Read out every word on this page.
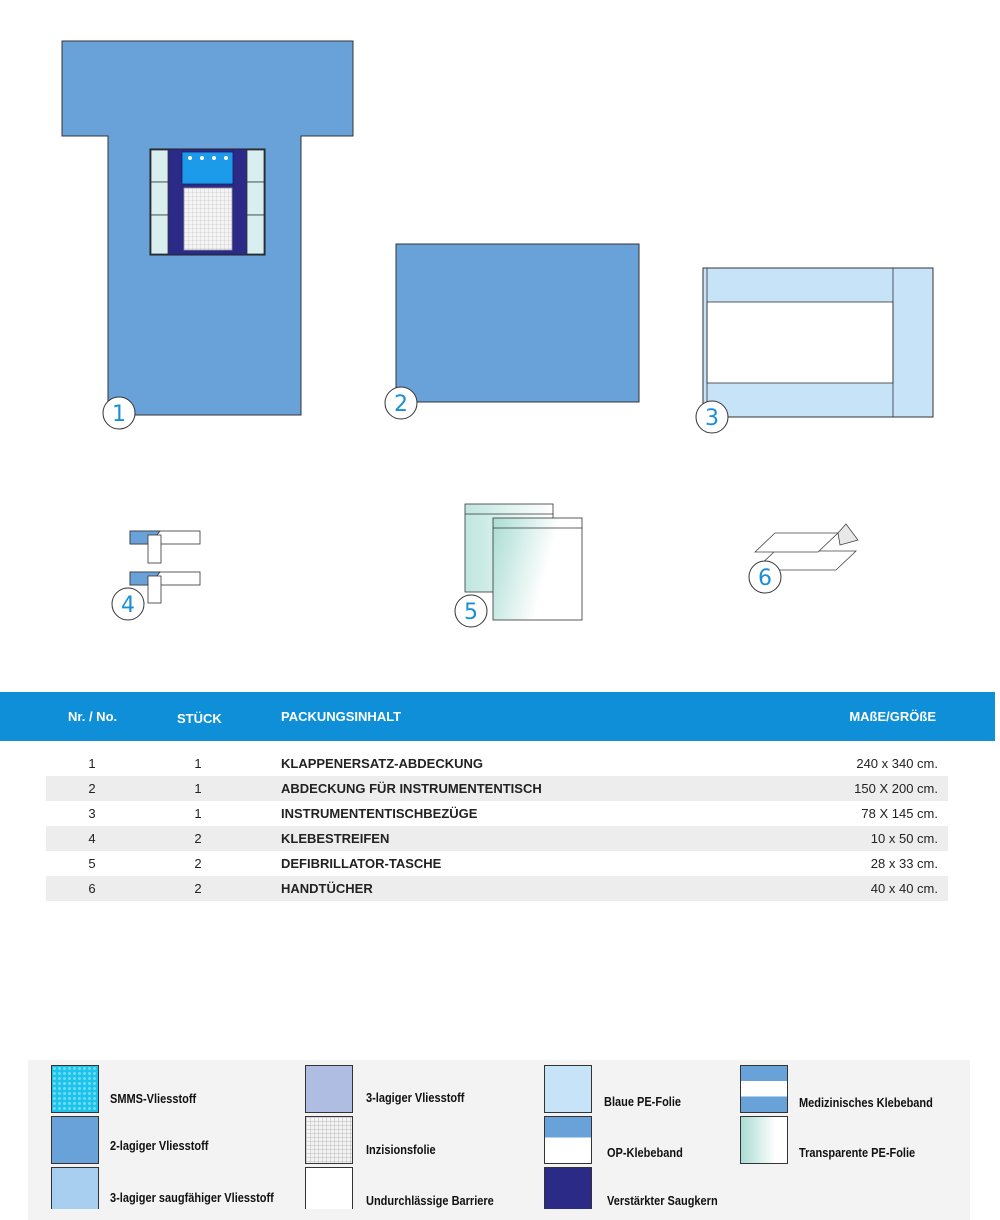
1	2
3
4	5
6
Nr. / No.	STÜCK	PACKUNGSINHALT	MAßE/GRÖßE
1	1	KLAPPENERSATZ-ABDECKUNG	240 x 340 cm.
2	1	ABDECKUNG FÜR INSTRUMENTENTISCH	150 X 200 cm.
3	1	INSTRUMENTENTISCHBEZÜGE	78 X 145 cm.
4	2	KLEBESTREIFEN	10 x 50 cm.
5	2	DEFIBRILLATOR-TASCHE	28 x 33 cm.
6	2	HANDTÜCHER	40 x 40 cm.
SMMS-Vliesstoff
2-lagiger Vliesstoff
3-lagiger saugfähiger Vliesstoff
3-lagiger Vliesstoff
Inzisionsfolie
Undurchlässige Barriere
Blaue PE-Folie
OP-Klebeband
Verstärkter Saugkern
Medizinisches Klebeband
Transparente PE-Folie
